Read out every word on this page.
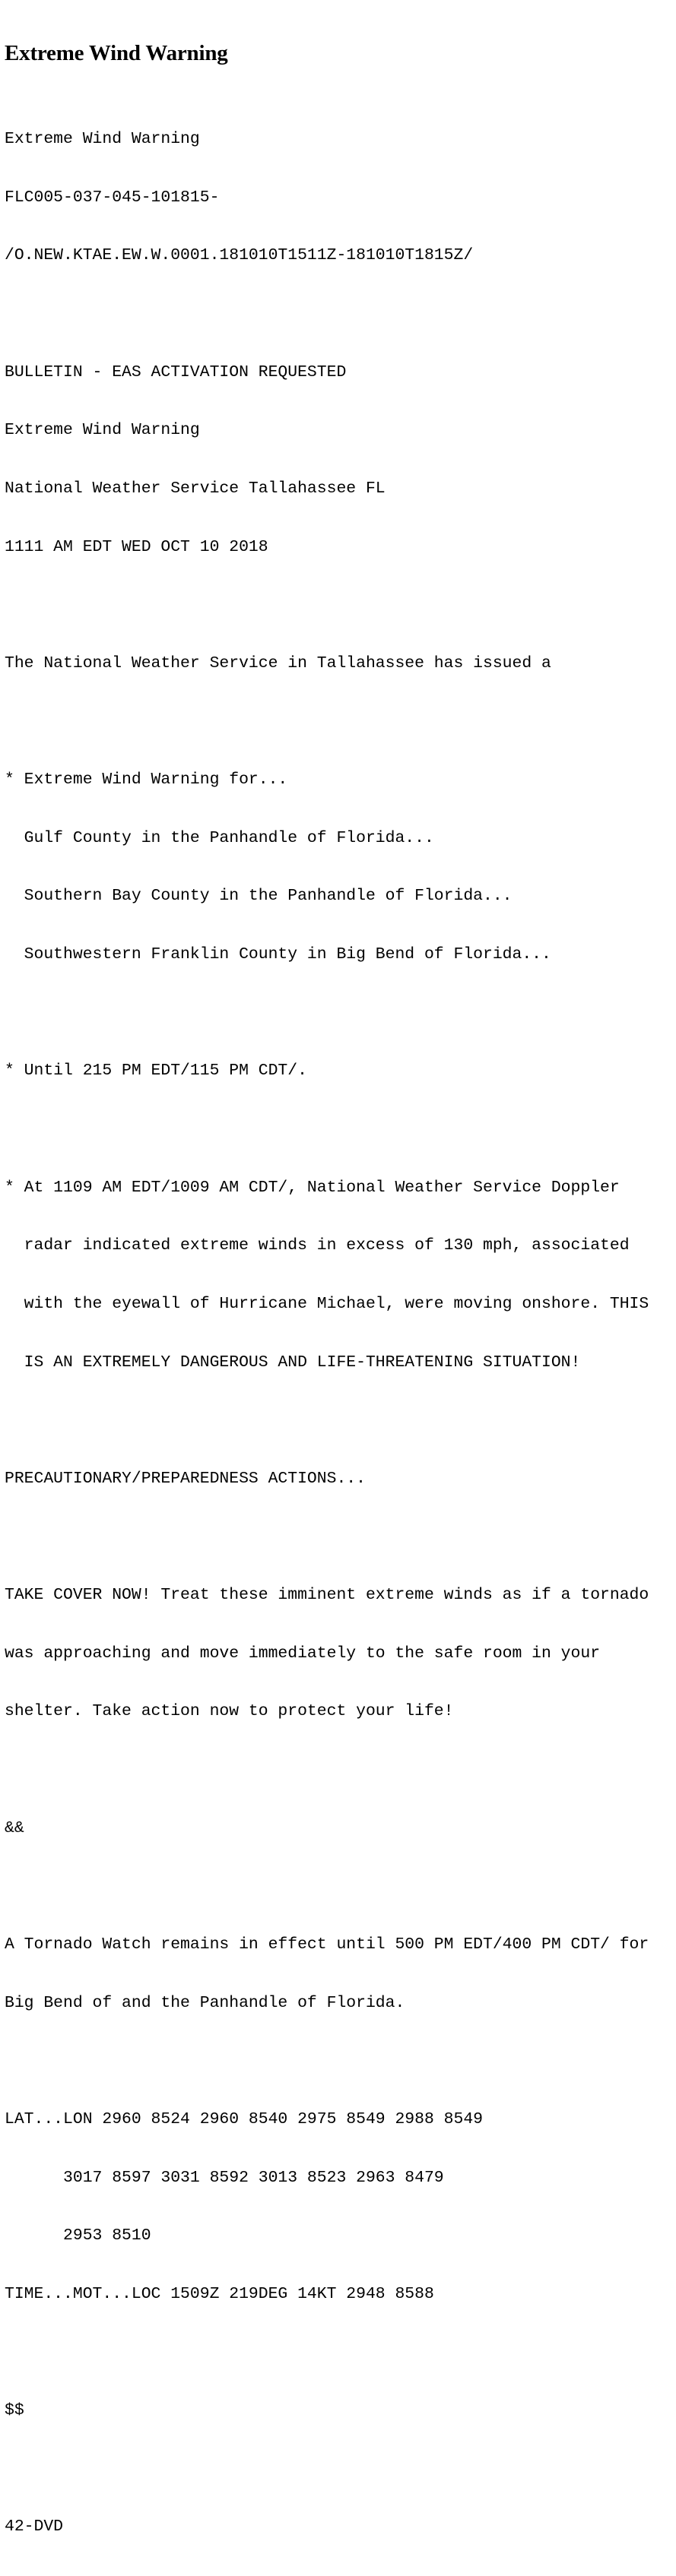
Extreme Wind Warning

Extreme Wind Warning

FLC005-037-045-101815-

/O.NEW.KTAE.EW.W.0001.181010T1511Z-181010T1815Z/

BULLETIN - EAS ACTIVATION REQUESTED

Extreme Wind Warning

National Weather Service Tallahassee FL

1111 AM EDT WED OCT 10 2018

The National Weather Service in Tallahassee has issued a

* Extreme Wind Warning for...

Gulf County in the Panhandle of Florida...

Southern Bay County in the Panhandle of Florida...

Southwestern Franklin County in Big Bend of Florida...

* Until 215 PM EDT/115 PM CDT/.

* At 1109 AM EDT/1009 AM CDT/, National Weather Service Doppler

radar indicated extreme winds in excess of 130 mph, associated

with the eyewall of Hurricane Michael, were moving onshore. THIS

IS AN EXTREMELY DANGEROUS AND LIFE-THREATENING SITUATION!

PRECAUTIONARY/PREPAREDNESS ACTIONS...

TAKE COVER NOW! Treat these imminent extreme winds as if a tornado

was approaching and move immediately to the safe room in your

shelter. Take action now to protect your life!

&&

A Tornado Watch remains in effect until 500 PM EDT/400 PM CDT/ for

Big Bend of and the Panhandle of Florida.

LAT...LON 2960 8524 2960 8540 2975 8549 2988 8549

3017 8597 3031 8592 3013 8523 2963 8479

2953 8510

TIME...MOT...LOC 1509Z 219DEG 14KT 2948 8588

$$

42-DVD
